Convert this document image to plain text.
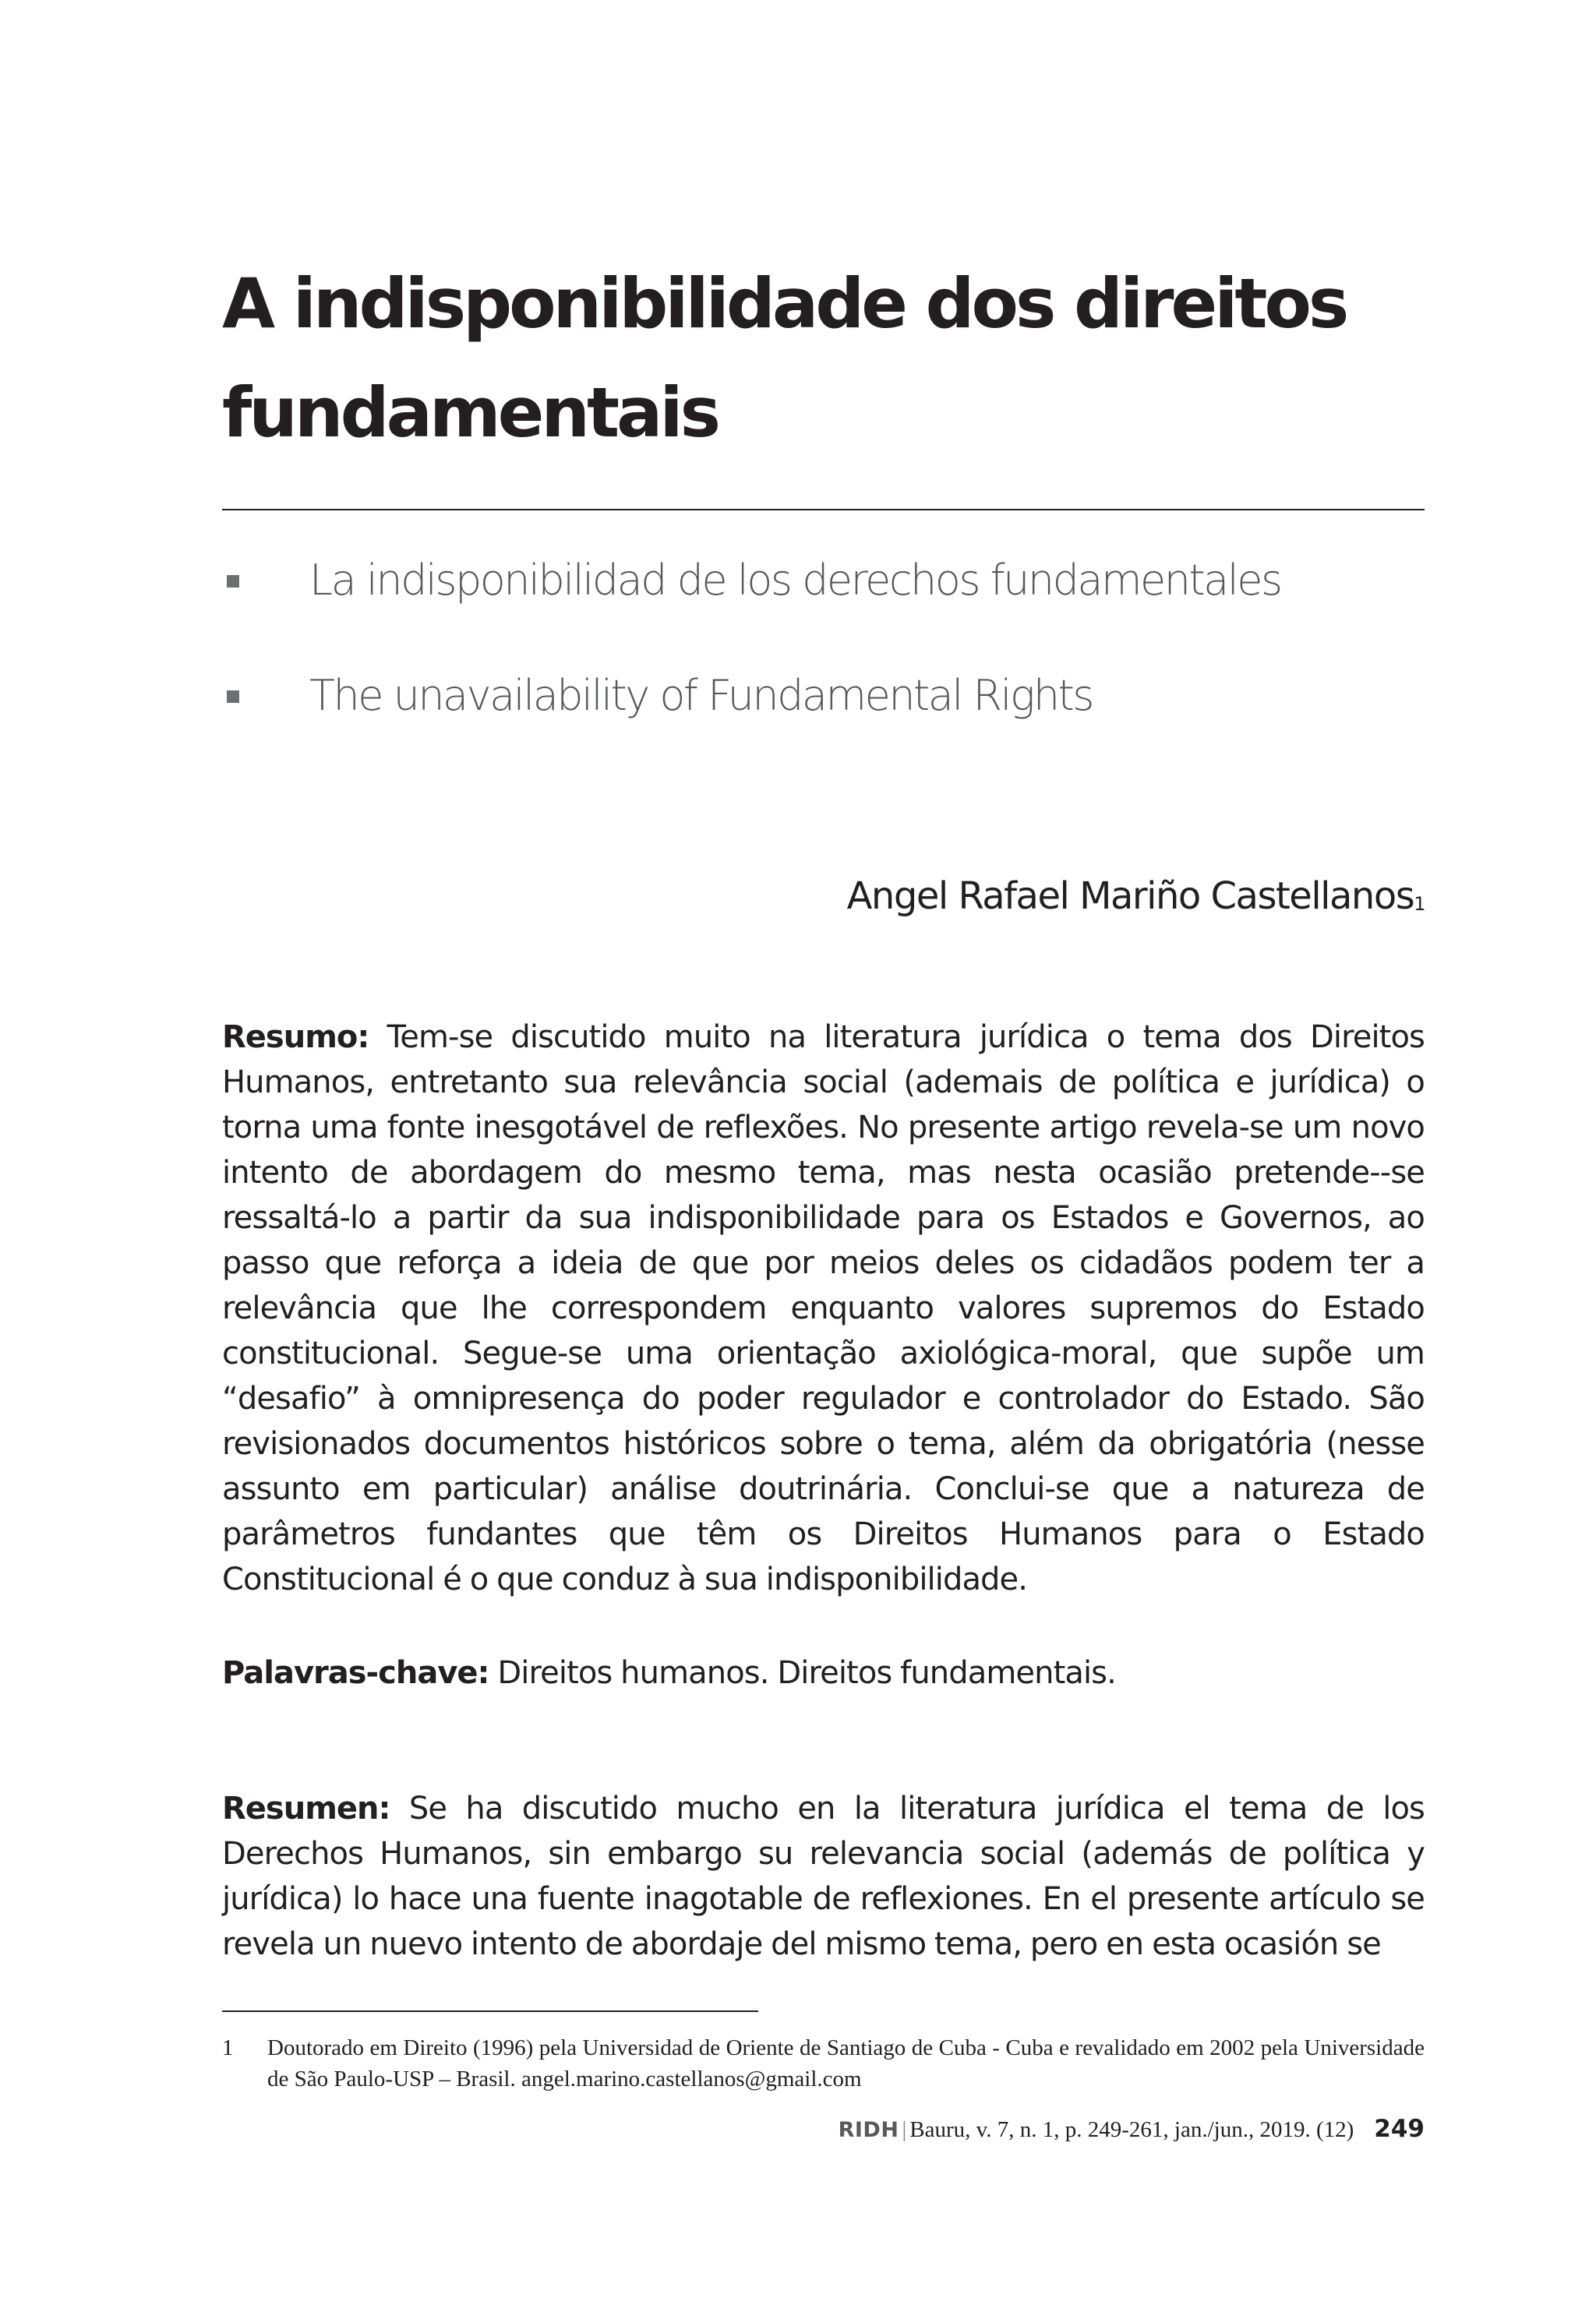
A indisponibilidade dos direitos fundamentais
La indisponibilidad de los derechos fundamentales
The unavailability of Fundamental Rights
Angel Rafael Mariño Castellanos$^1$

Resumo: Tem-se discutido muito na literatura jurídica o tema dos Direitos Humanos, entretanto sua relevância social (ademais de política e jurídica) o torna uma fonte inesgotável de reflexões. No presente artigo revela-se um novo intento de abordagem do mesmo tema, mas nesta ocasião pretende--se ressaltá-lo a partir da sua indisponibilidade para os Estados e Governos, ao passo que reforça a ideia de que por meios deles os cidadãos podem ter a relevância que lhe correspondem enquanto valores supremos do Estado constitucional. Segue-se uma orientação axiológica-moral, que supõe um “desafio” à omnipresença do poder regulador e controlador do Estado. São revisionados documentos históricos sobre o tema, além da obrigatória (nesse assunto em particular) análise doutrinária. Conclui-se que a natureza de parâmetros fundantes que têm os Direitos Humanos para o Estado Constitucional é o que conduz à sua indisponibilidade.

Palavras-chave: Direitos humanos. Direitos fundamentais.

Resumen: Se ha discutido mucho en la literatura jurídica el tema de los Derechos Humanos, sin embargo su relevancia social (además de política y jurídica) lo hace una fuente inagotable de reflexiones. En el presente artículo se revela un nuevo intento de abordaje del mismo tema, pero en esta ocasión se

1 Doutorado em Direito (1996) pela Universidad de Oriente de Santiago de Cuba - Cuba e revalidado em 2002 pela Universidade de São Paulo-USP – Brasil. angel.marino.castellanos@gmail.com
RIDH | Bauru, v. 7, n. 1, p. 249-261, jan./jun., 2019. (12) 249
